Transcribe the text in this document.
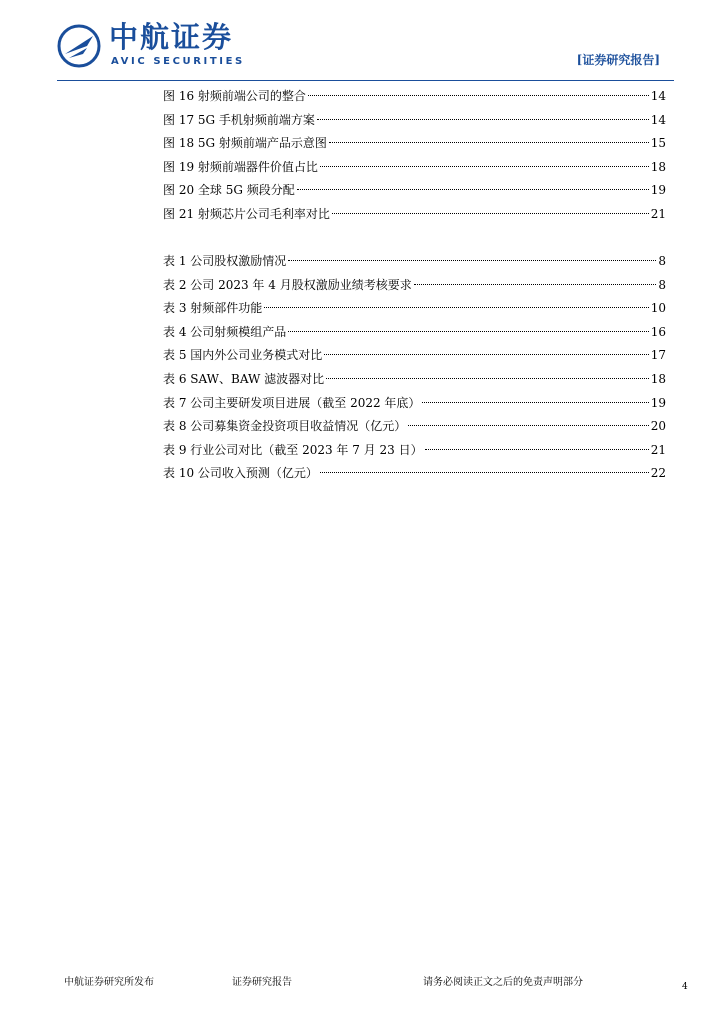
中航证券
AVIC SECURITIES	[证券研究报告]
图 16 射频前端公司的整合	14
图 17 5G 手机射频前端方案	14
图 18 5G 射频前端产品示意图	15
图 19 射频前端器件价值占比	18
图 20 全球 5G 频段分配	19
图 21 射频芯片公司毛利率对比	21
表 1 公司股权激励情况	8
表 2 公司 2023 年 4 月股权激励业绩考核要求	8
表 3 射频部件功能	10
表 4 公司射频模组产品	16
表 5 国内外公司业务模式对比	17
表 6 SAW、BAW 滤波器对比	18
表 7 公司主要研发项目进展（截至 2022 年底）	19
表 8 公司募集资金投资项目收益情况（亿元）	20
表 9 行业公司对比（截至 2023 年 7 月 23 日）	21
表 10 公司收入预测（亿元）	22
中航证券研究所发布	证券研究报告	请务必阅读正文之后的免责声明部分	4
